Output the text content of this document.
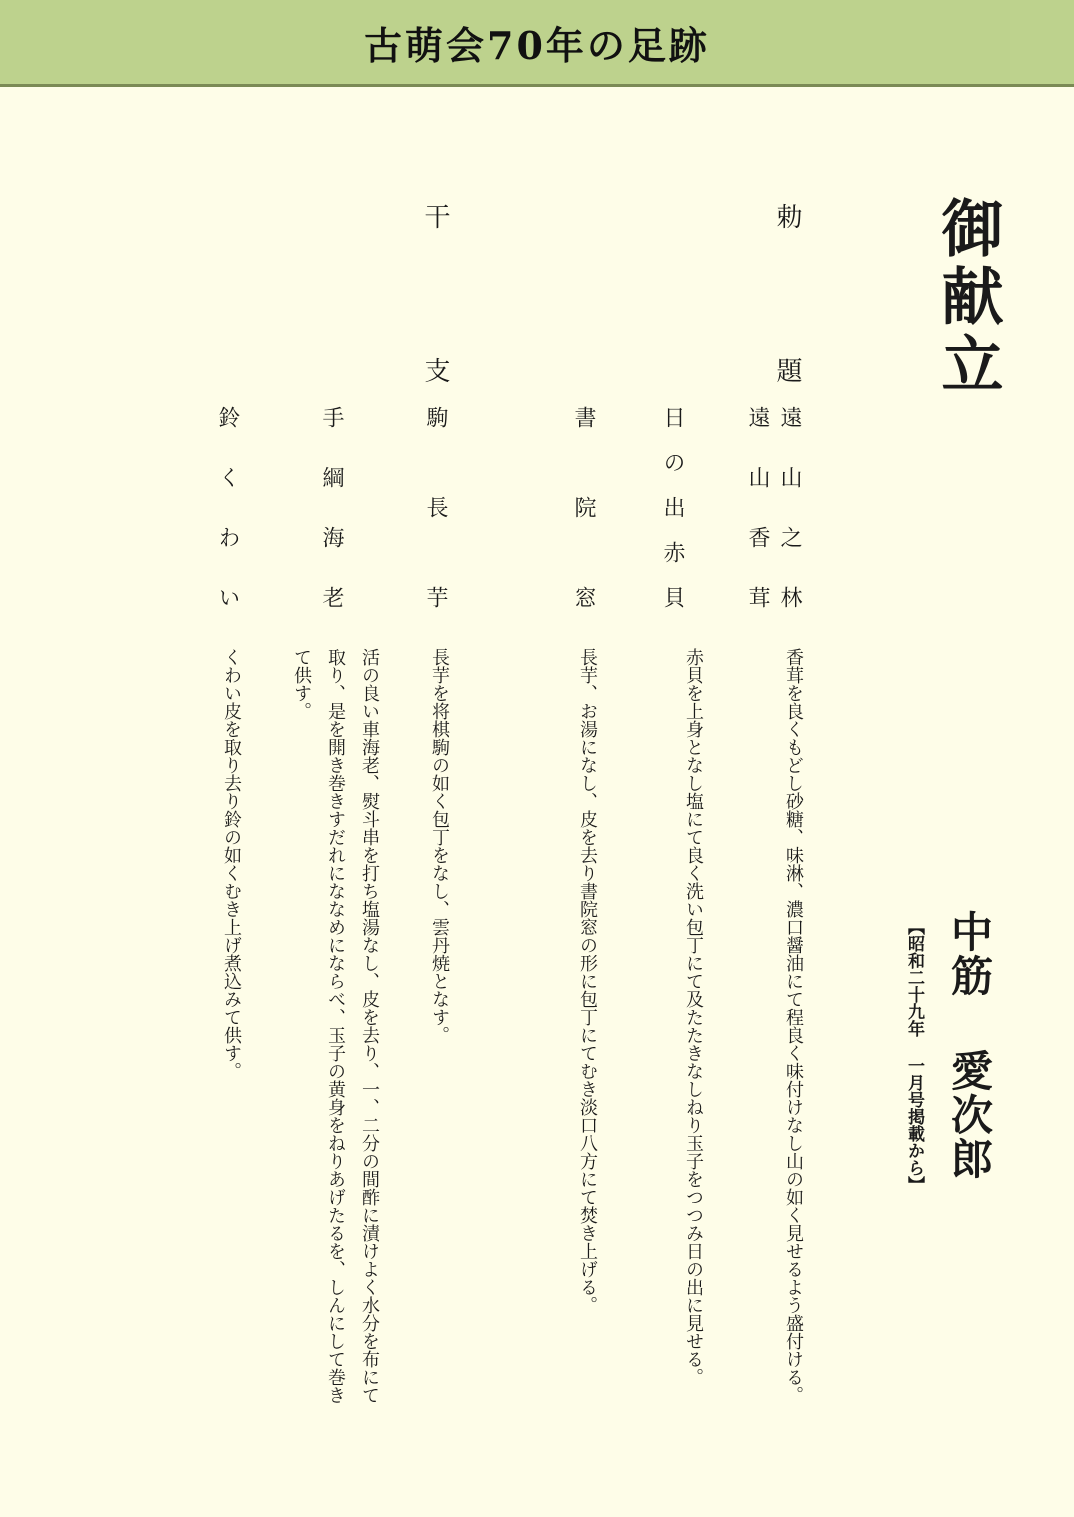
古萌会70年の足跡
御献立
中筋 愛次郎
【昭和二十九年 一月号掲載から】
勅題
干支
遠山之林
遠山香茸
日の出赤貝
書院窓
駒長芋
手綱海老
鈴くわい
香茸を良くもどし砂糖、味淋、濃口醤油にて程良く味付けなし山の如く見せるよう盛付ける。
赤貝を上身となし塩にて良く洗い包丁にて及たたきなしねり玉子をつつみ日の出に見せる。
長芋、お湯になし、皮を去り書院窓の形に包丁にてむき淡口八方にて焚き上げる。
長芋を将棋駒の如く包丁をなし、雲丹焼となす。
活の良い車海老、熨斗串を打ち塩湯なし、皮を去り、一、二分の間酢に漬けよく水分を布にて取り、是を開き巻きすだれにななめにならべ、玉子の黄身をねりあげたるを、しんにして巻きて供す。
くわい皮を取り去り鈴の如くむき上げ煮込みて供す。
